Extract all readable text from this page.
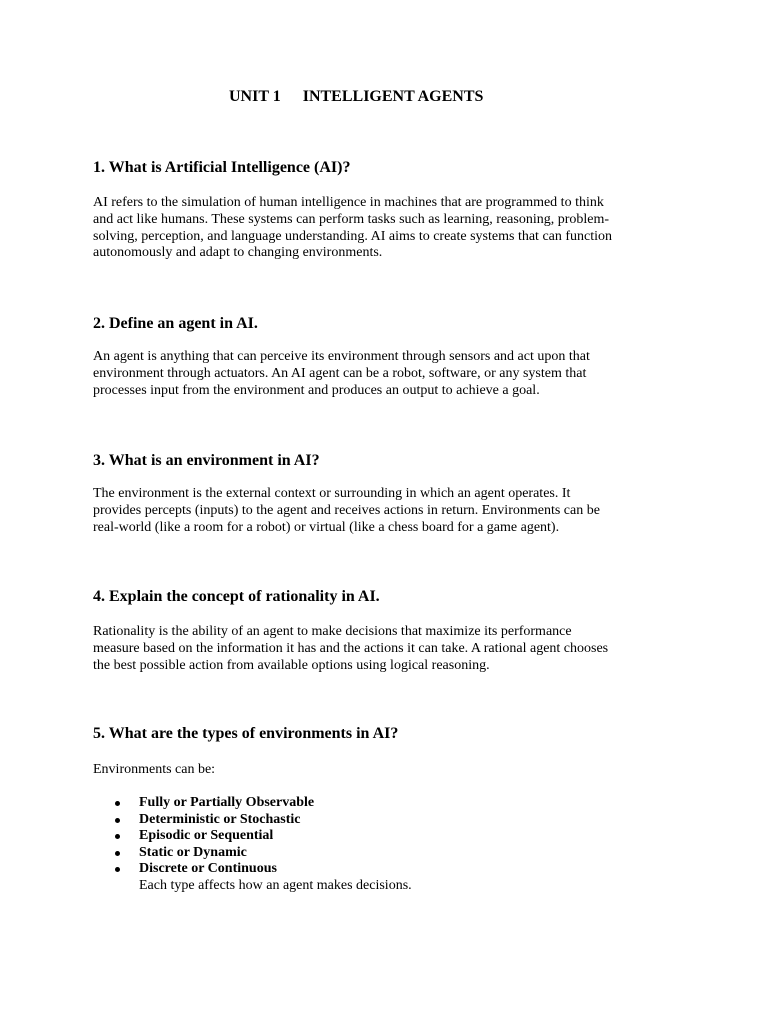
UNIT 1 INTELLIGENT AGENTS
1. What is Artificial Intelligence (AI)?

AI refers to the simulation of human intelligence in machines that are programmed to think

and act like humans. These systems can perform tasks such as learning, reasoning, problem-

solving, perception, and language understanding. AI aims to create systems that can function

autonomously and adapt to changing environments.

2. Define an agent in AI.

An agent is anything that can perceive its environment through sensors and act upon that

environment through actuators. An AI agent can be a robot, software, or any system that

processes input from the environment and produces an output to achieve a goal.

3. What is an environment in AI?

The environment is the external context or surrounding in which an agent operates. It

provides percepts (inputs) to the agent and receives actions in return. Environments can be

real-world (like a room for a robot) or virtual (like a chess board for a game agent).

4. Explain the concept of rationality in AI.

Rationality is the ability of an agent to make decisions that maximize its performance

measure based on the information it has and the actions it can take. A rational agent chooses

the best possible action from available options using logical reasoning.

5. What are the types of environments in AI?
Environments can be:
Fully or Partially Observable
Deterministic or Stochastic
Episodic or Sequential
Static or Dynamic
Discrete or Continuous
Each type affects how an agent makes decisions.
